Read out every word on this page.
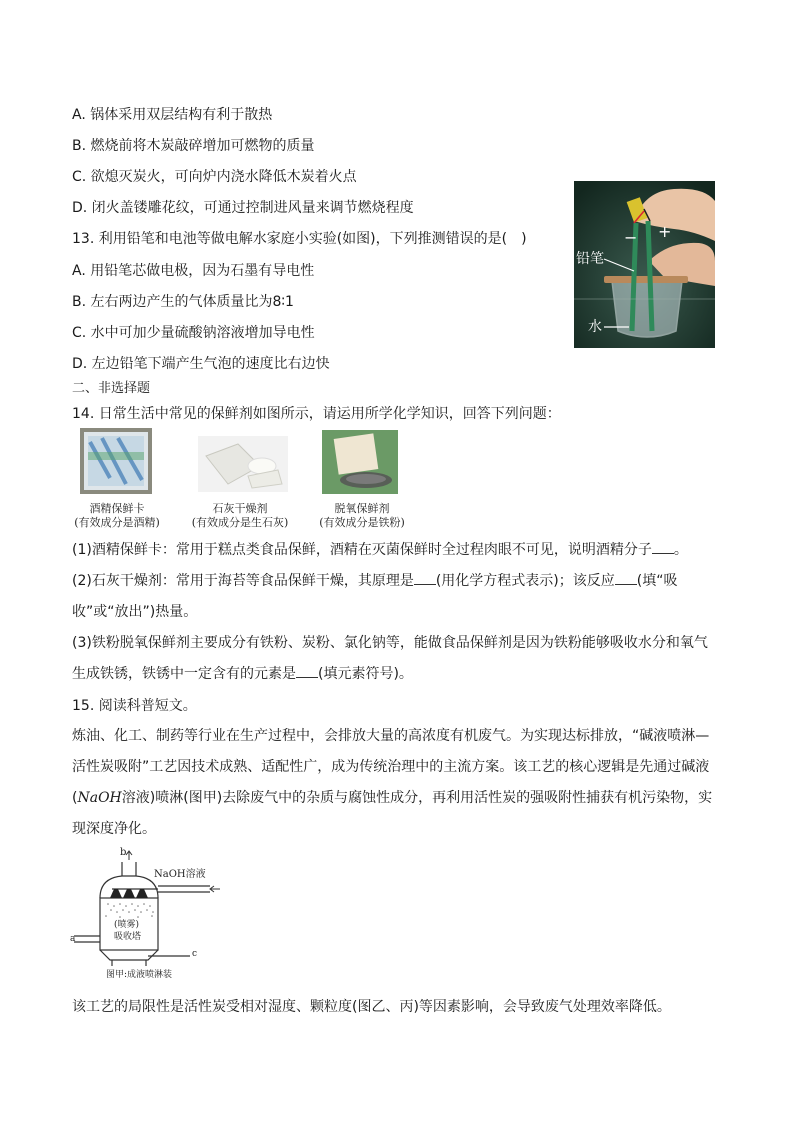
A. 锅体采用双层结构有利于散热
B. 燃烧前将木炭敲碎增加可燃物的质量
C. 欲熄灭炭火，可向炉内浇水降低木炭着火点
D. 闭火盖镂雕花纹，可通过控制进风量来调节燃烧程度
13. 利用铅笔和电池等做电解水家庭小实验(如图)，下列推测错误的是(　)
A. 用铅笔芯做电极，因为石墨有导电性
B. 左右两边产生的气体质量比为8∶1
C. 水中可加少量硫酸钠溶液增加导电性
D. 左边铅笔下端产生气泡的速度比右边快
− +
铅笔
水
二、非选择题
14. 日常生活中常见的保鲜剂如图所示，请运用所学化学知识，回答下列问题：
酒精保鲜卡
(有效成分是酒精)
石灰干燥剂
(有效成分是生石灰)
脱氧保鲜剂
(有效成分是铁粉)
(1)酒精保鲜卡：常用于糕点类食品保鲜，酒精在灭菌保鲜时全过程肉眼不可见，说明酒精分子 。
(2)石灰干燥剂：常用于海苔等食品保鲜干燥，其原理是 (用化学方程式表示)；该反应 (填“吸
收”或“放出”)热量。
(3)铁粉脱氧保鲜剂主要成分有铁粉、炭粉、氯化钠等，能做食品保鲜剂是因为铁粉能够吸收水分和氧气
生成铁锈，铁锈中一定含有的元素是 (填元素符号)。
15. 阅读科普短文。
炼油、化工、制药等行业在生产过程中，会排放大量的高浓度有机废气。为实现达标排放，“碱液喷淋—活性炭吸附”工艺因技术成熟、适配性广，成为传统治理中的主流方案。该工艺的核心逻辑是先通过碱液(NaOH溶液)喷淋(图甲)去除废气中的杂质与腐蚀性成分，再利用活性炭的强吸附性捕获有机污染物，实现深度净化。
b
NaOH溶液
(喷雾)
吸收塔
a
c
图甲:成液喷淋装
该工艺的局限性是活性炭受相对湿度、颗粒度(图乙、丙)等因素影响，会导致废气处理效率降低。
